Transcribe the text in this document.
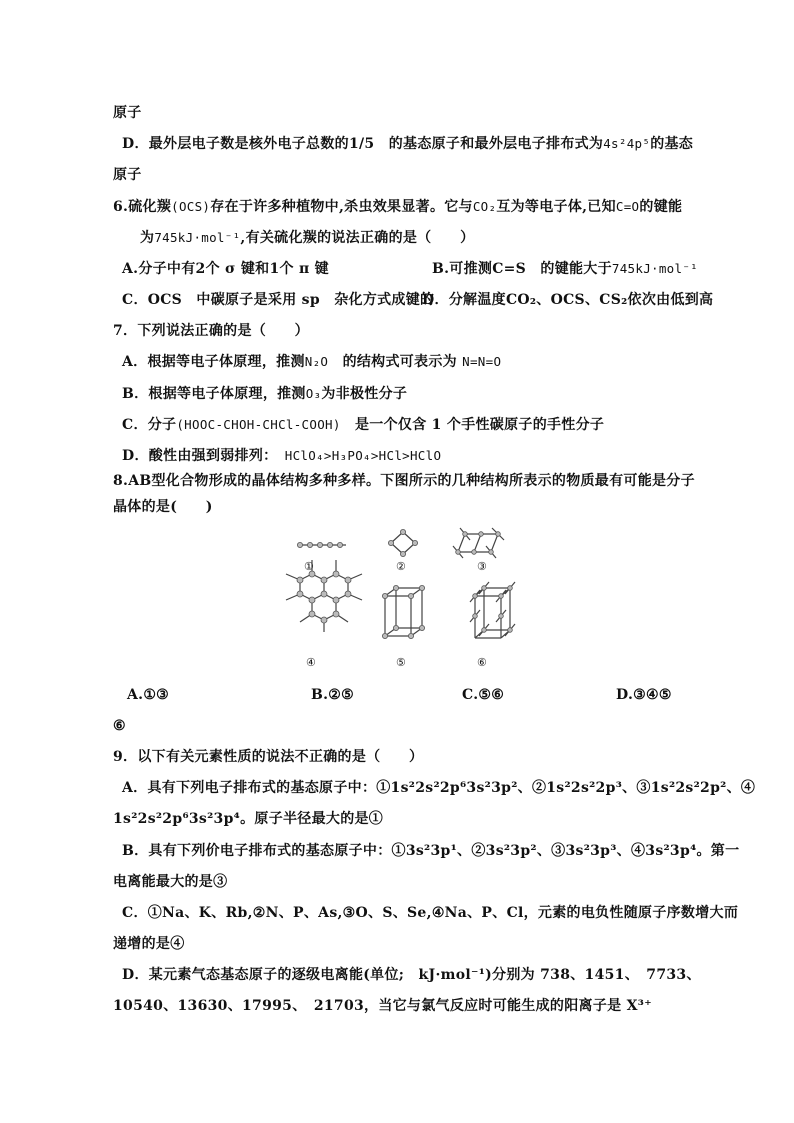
原子
D．最外层电子数是核外电子总数的1/5　的基态原子和最外层电子排布式为4s²4p⁵的基态
原子
6.硫化羰(OCS)存在于许多种植物中,杀虫效果显著。它与CO₂互为等电子体,已知C=O的键能
为745kJ·mol⁻¹,有关硫化羰的说法正确的是（　　）
A.分子中有2个 σ 键和1个 π 键	B.可推测C=S　的键能大于745kJ·mol⁻¹
C．OCS　中碳原子是采用 sp　杂化方式成键的
D．分解温度CO₂、OCS、CS₂依次由低到高
7．下列说法正确的是（　　）
A．根据等电子体原理，推测N₂O　 的结构式可表示为 N=N=O
B．根据等电子体原理，推测O₃为非极性分子
C．分子(HOOC-CHOH-CHCl-COOH)　 是一个仅含 1 个手性碳原子的手性分子
D．酸性由强到弱排列：　 HClO₄>H₃PO₄>HCl>HClO
8.AB型化合物形成的晶体结构多种多样。下图所示的几种结构所表示的物质最有可能是分子
晶体的是(　　)
①	②	③
④	⑤	⑥
A.①③	B.②⑤	C.⑤⑥	D.③④⑤
⑥
9．以下有关元素性质的说法不正确的是（　　）
A．具有下列电子排布式的基态原子中：①1s²2s²2p⁶3s²3p²、②1s²2s²2p³、③1s²2s²2p²、④
1s²2s²2p⁶3s²3p⁴。原子半径最大的是①
B．具有下列价电子排布式的基态原子中：①3s²3p¹、②3s²3p²、③3s²3p³、④3s²3p⁴。第一
电离能最大的是③
C．①Na、K、Rb,②N、P、As,③O、S、Se,④Na、P、Cl，元素的电负性随原子序数增大而
递增的是④
D．某元素气态基态原子的逐级电离能(单位;　kJ·mol⁻¹)分别为 738、1451、　7733、
10540、13630、17995、　21703，当它与氯气反应时可能生成的阳离子是 X³⁺
